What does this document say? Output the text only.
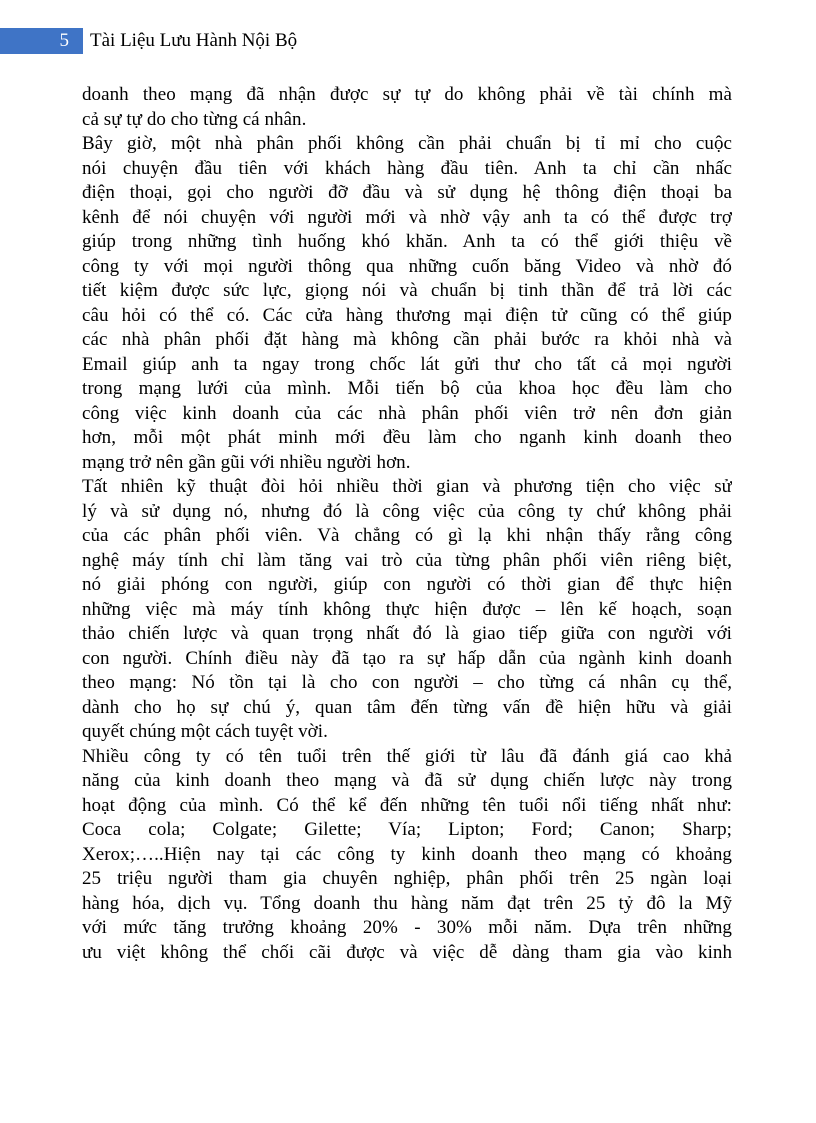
5	Tài Liệu Lưu Hành Nội Bộ
doanh theo mạng đã nhận được sự tự do không phải về tài chính mà
cả sự tự do cho từng cá nhân.
Bây giờ, một nhà phân phối không cần phải chuẩn bị tỉ mỉ cho cuộc
nói chuyện đầu tiên với khách hàng đầu tiên. Anh ta chỉ cần nhấc
điện thoại, gọi cho người đỡ đầu và sử dụng hệ thông điện thoại ba
kênh để nói chuyện với người mới và nhờ vậy anh ta có thể được trợ
giúp trong những tình huống khó khăn. Anh ta có thể giới thiệu về
công ty với mọi người thông qua những cuốn băng Video và nhờ đó
tiết kiệm được sức lực, giọng nói và chuẩn bị tinh thần để trả lời các
câu hỏi có thể có. Các cửa hàng thương mại điện tử cũng có thể giúp
các nhà phân phối đặt hàng mà không cần phải bước ra khỏi nhà và
Email giúp anh ta ngay trong chốc lát gửi thư cho tất cả mọi người
trong mạng lưới của mình. Mỗi tiến bộ của khoa học đều làm cho
công việc kinh doanh của các nhà phân phối viên trở nên đơn giản
hơn, mỗi một phát minh mới đều làm cho nganh kinh doanh theo
mạng trở nên gần gũi với nhiều người hơn.
Tất nhiên kỹ thuật đòi hỏi nhiều thời gian và phương tiện cho việc sử
lý và sử dụng nó, nhưng đó là công việc của công ty chứ không phải
của các phân phối viên. Và chẳng có gì lạ khi nhận thấy rằng công
nghệ máy tính chỉ làm tăng vai trò của từng phân phối viên riêng biệt,
nó giải phóng con người, giúp con người có thời gian để thực hiện
những việc mà máy tính không thực hiện được – lên kế hoạch, soạn
thảo chiến lược và quan trọng nhất đó là giao tiếp giữa con người với
con người. Chính điều này đã tạo ra sự hấp dẫn của ngành kinh doanh
theo mạng: Nó tồn tại là cho con người – cho từng cá nhân cụ thể,
dành cho họ sự chú ý, quan tâm đến từng vấn đề hiện hữu và giải
quyết chúng một cách tuyệt vời.
Nhiều công ty có tên tuổi trên thế giới từ lâu đã đánh giá cao khả
năng của kinh doanh theo mạng và đã sử dụng chiến lược này trong
hoạt động của mình. Có thể kể đến những tên tuổi nổi tiếng nhất như:
Coca cola; Colgate; Gilette; Vía; Lipton; Ford; Canon; Sharp;
Xerox;…..Hiện nay tại các công ty kinh doanh theo mạng có khoảng
25 triệu người tham gia chuyên nghiệp, phân phối trên 25 ngàn loại
hàng hóa, dịch vụ. Tổng doanh thu hàng năm đạt trên 25 tỷ đô la Mỹ
với mức tăng trưởng khoảng 20% - 30% mỗi năm. Dựa trên những
ưu việt không thể chối cãi được và việc dễ dàng tham gia vào kinh
